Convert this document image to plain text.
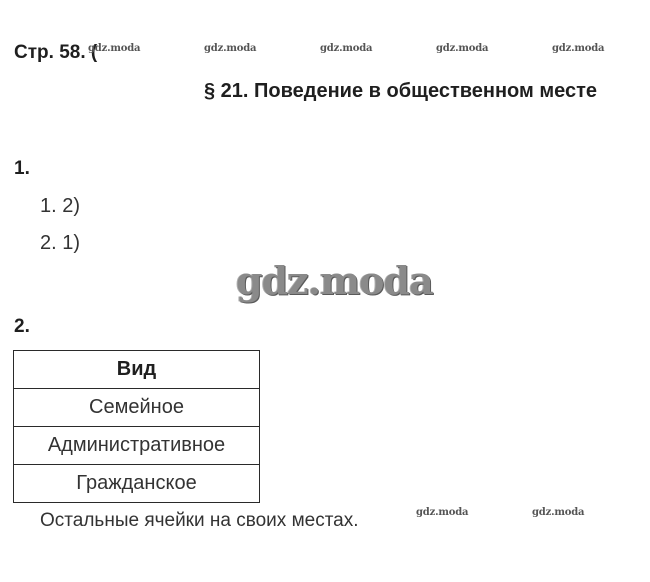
Стр. 58. (
gdz.moda	gdz.moda	gdz.moda	gdz.moda	gdz.moda
§ 21. Поведение в общественном месте
1.
1. 2)
2. 1)
gdz.moda
2.
Вид
Семейное
Административное
Гражданское
Остальные ячейки на своих местах.	gdz.moda	gdz.moda
